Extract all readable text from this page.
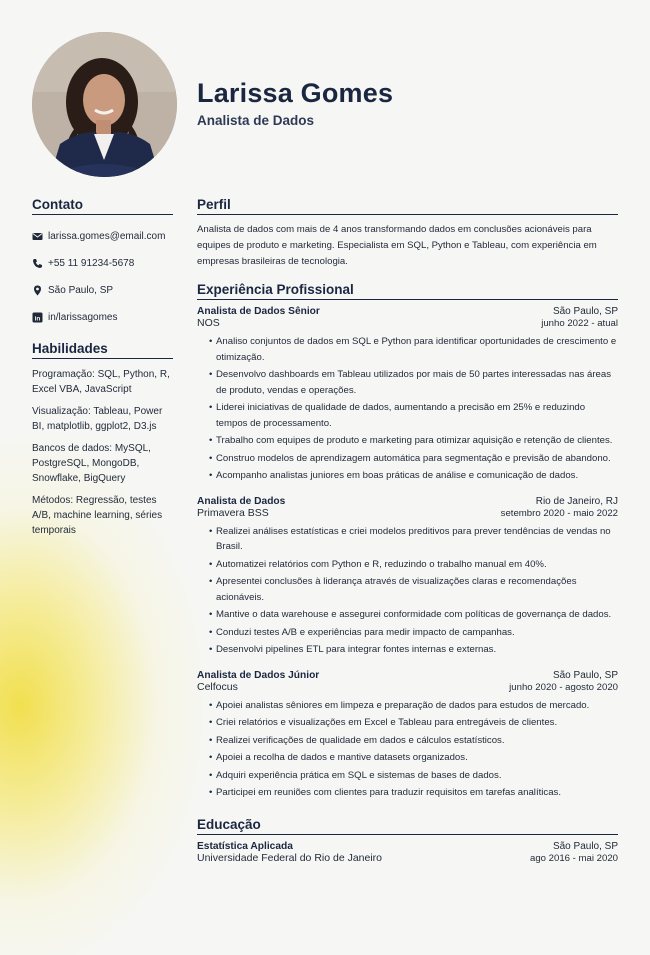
Larissa Gomes
Analista de Dados
Contato
larissa.gomes@email.com
+55 11 91234-5678
São Paulo, SP
in in/larissagomes
Habilidades
Programação: SQL, Python, R, Excel VBA, JavaScript
Visualização: Tableau, Power BI, matplotlib, ggplot2, D3.js
Bancos de dados: MySQL, PostgreSQL, MongoDB, Snowflake, BigQuery
Métodos: Regressão, testes A/B, machine learning, séries temporais
Perfil
Analista de dados com mais de 4 anos transformando dados em conclusões acionáveis para equipes de produto e marketing. Especialista em SQL, Python e Tableau, com experiência em empresas brasileiras de tecnologia.
Experiência Profissional
Analista de Dados Sênior	São Paulo, SP
NOS	junho 2022 - atual
• Analiso conjuntos de dados em SQL e Python para identificar oportunidades de crescimento e otimização.
• Desenvolvo dashboards em Tableau utilizados por mais de 50 partes interessadas nas áreas de produto, vendas e operações.
• Liderei iniciativas de qualidade de dados, aumentando a precisão em 25% e reduzindo tempos de processamento.
• Trabalho com equipes de produto e marketing para otimizar aquisição e retenção de clientes.
• Construo modelos de aprendizagem automática para segmentação e previsão de abandono.
• Acompanho analistas juniores em boas práticas de análise e comunicação de dados.
Analista de Dados	Rio de Janeiro, RJ
Primavera BSS	setembro 2020 - maio 2022
• Realizei análises estatísticas e criei modelos preditivos para prever tendências de vendas no Brasil.
• Automatizei relatórios com Python e R, reduzindo o trabalho manual em 40%.
• Apresentei conclusões à liderança através de visualizações claras e recomendações acionáveis.
• Mantive o data warehouse e assegurei conformidade com políticas de governança de dados.
• Conduzi testes A/B e experiências para medir impacto de campanhas.
• Desenvolvi pipelines ETL para integrar fontes internas e externas.
Analista de Dados Júnior	São Paulo, SP
Celfocus	junho 2020 - agosto 2020
• Apoiei analistas sêniores em limpeza e preparação de dados para estudos de mercado.
• Criei relatórios e visualizações em Excel e Tableau para entregáveis de clientes.
• Realizei verificações de qualidade em dados e cálculos estatísticos.
• Apoiei a recolha de dados e mantive datasets organizados.
• Adquiri experiência prática em SQL e sistemas de bases de dados.
• Participei em reuniões com clientes para traduzir requisitos em tarefas analíticas.
Educação
Estatística Aplicada	São Paulo, SP
Universidade Federal do Rio de Janeiro	ago 2016 - mai 2020
